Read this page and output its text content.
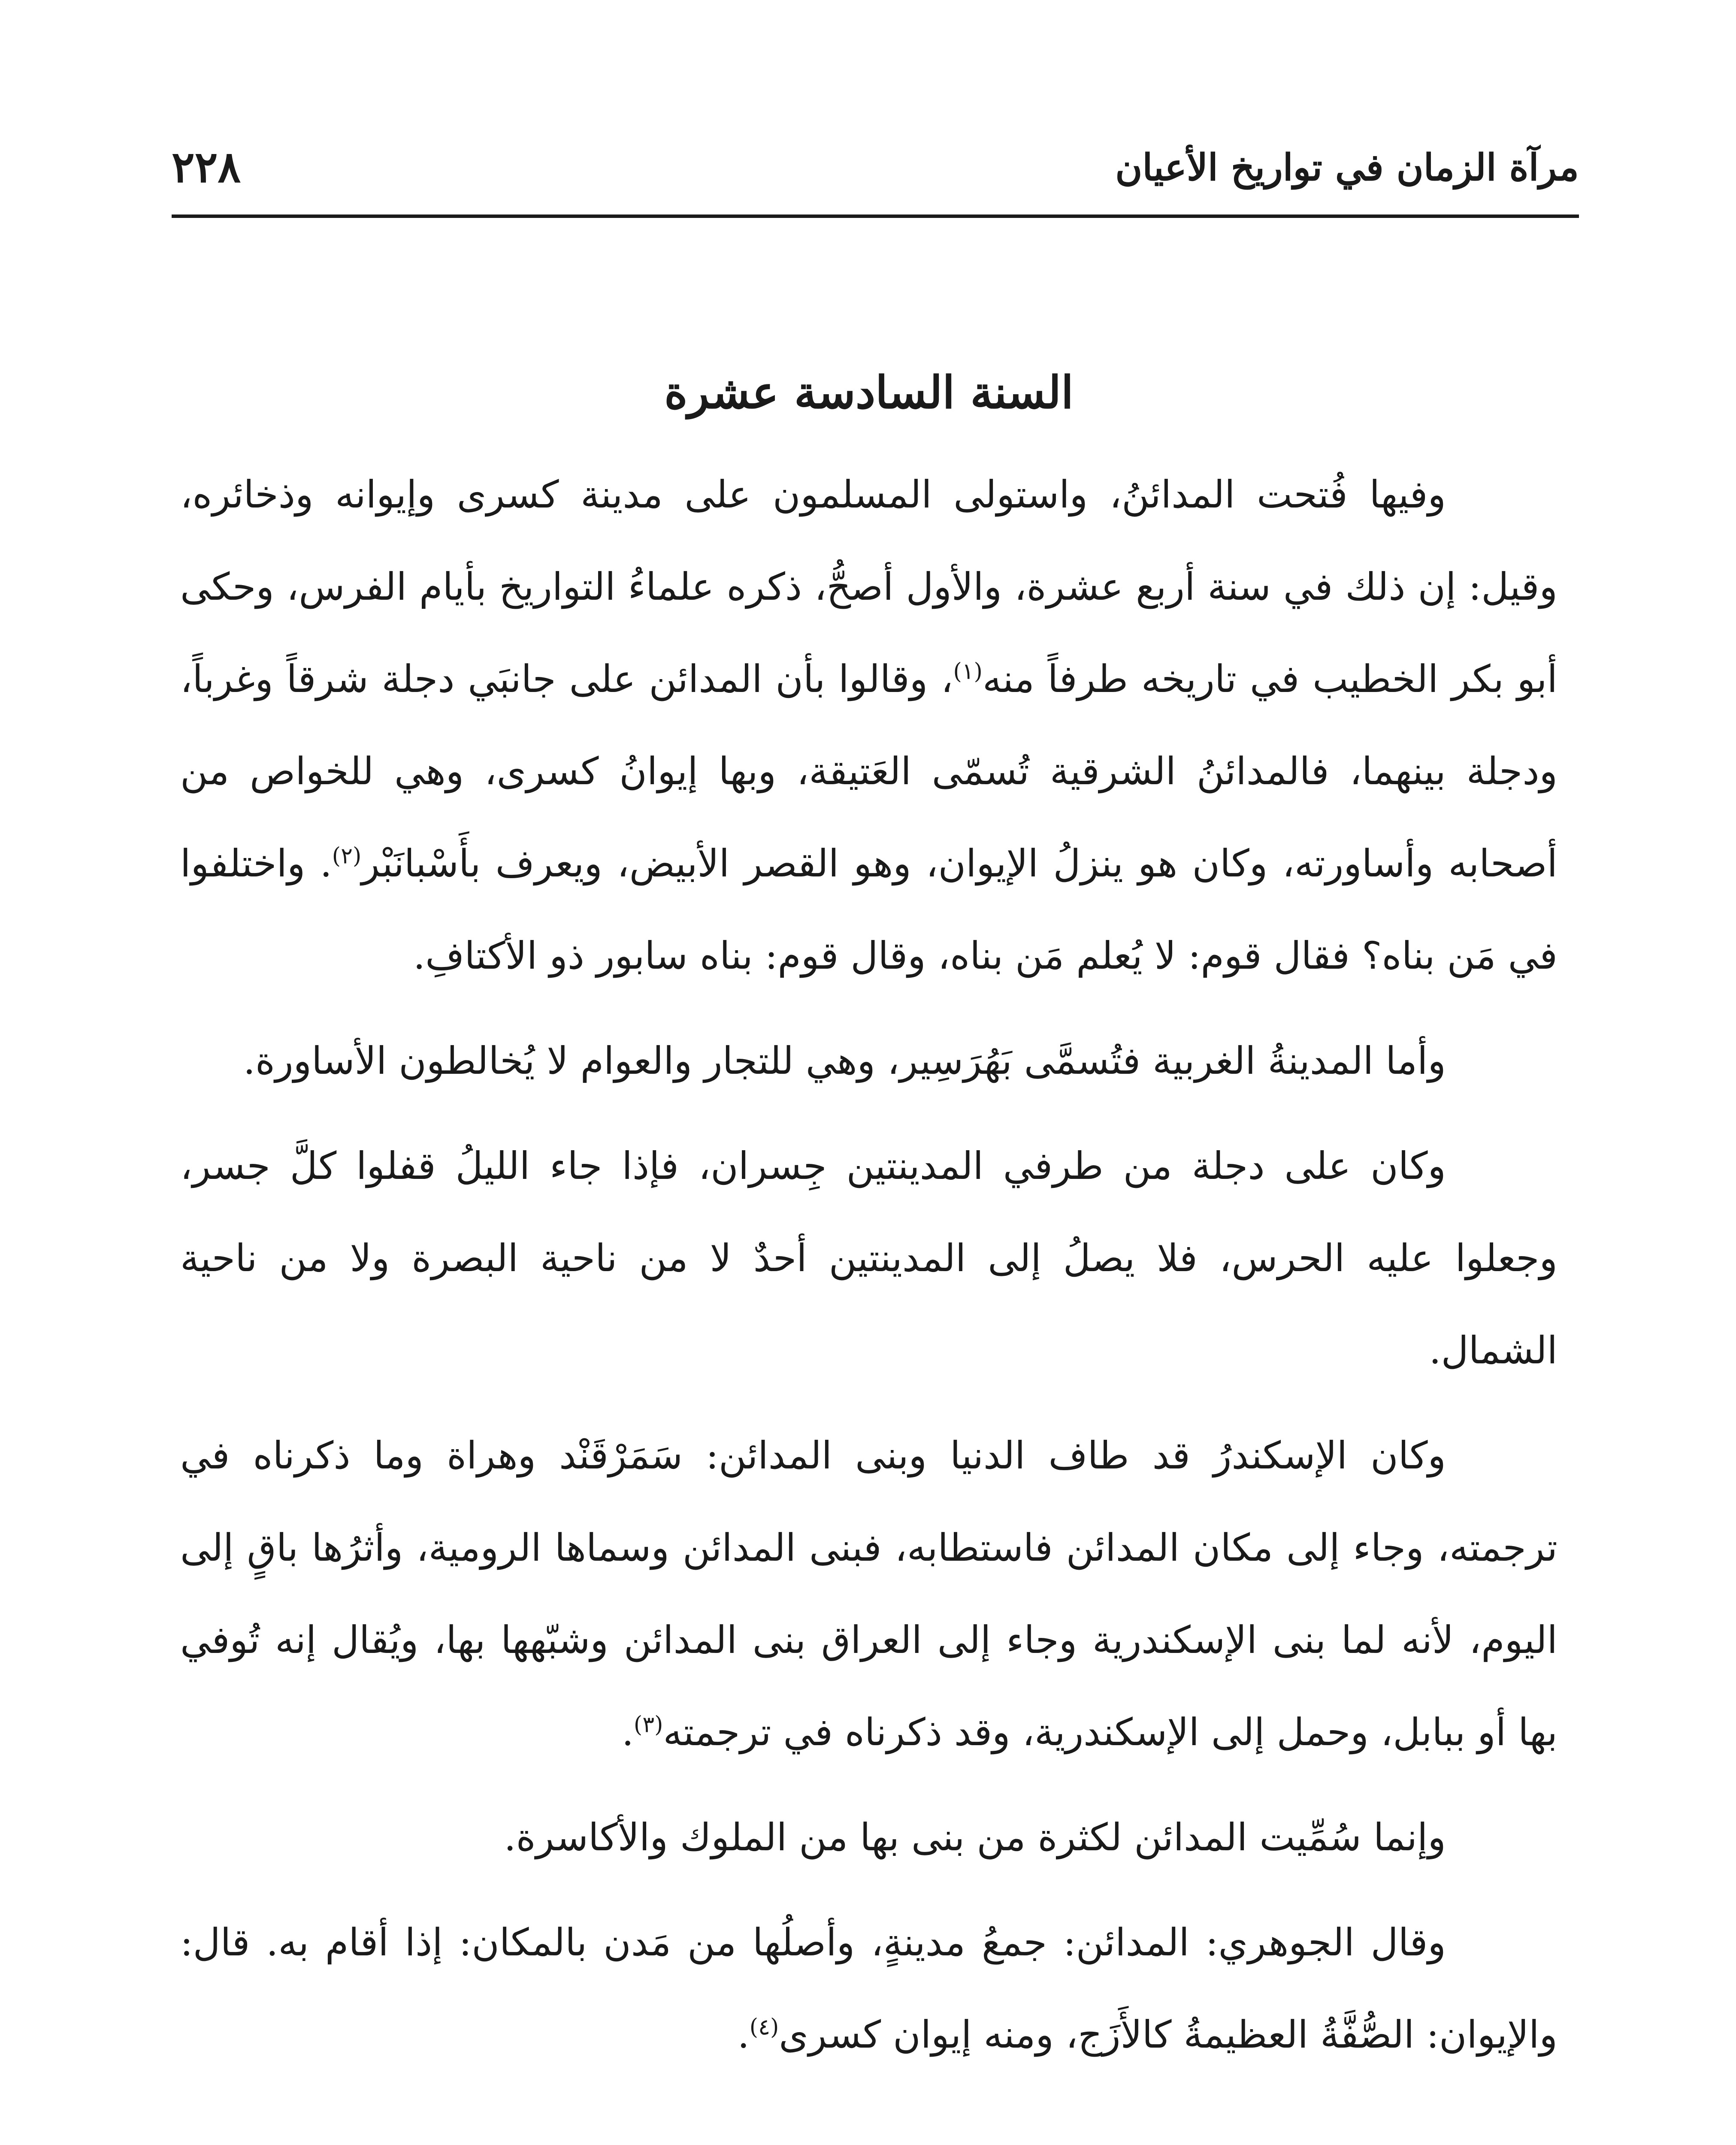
مرآة الزمان في تواريخ الأعيان
٢٢٨
السنة السادسة عشرة

وفيها فُتحت المدائنُ، واستولى المسلمون على مدينة كسرى وإيوانه وذخائره، وقيل: إن ذلك في سنة أربع عشرة، والأول أصحُّ، ذكره علماءُ التواريخ بأيام الفرس، وحكى أبو بكر الخطيب في تاريخه طرفاً منه$^{(١)}$، وقالوا بأن المدائن على جانبَي دجلة شرقاً وغرباً، ودجلة بينهما، فالمدائنُ الشرقية تُسمّى العَتيقة، وبها إيوانُ كسرى، وهي للخواص من أصحابه وأساورته، وكان هو ينزلُ الإيوان، وهو القصر الأبيض، ويعرف بأَسْبانَبْر$^{(٢)}$. واختلفوا في مَن بناه؟ فقال قوم: لا يُعلم مَن بناه، وقال قوم: بناه سابور ذو الأكتافِ.

وأما المدينةُ الغربية فتُسمَّى بَهُرَسِير، وهي للتجار والعوام لا يُخالطون الأساورة.

وكان على دجلة من طرفي المدينتين جِسران، فإذا جاء الليلُ قفلوا كلَّ جسر، وجعلوا عليه الحرس، فلا يصلُ إلى المدينتين أحدٌ لا من ناحية البصرة ولا من ناحية الشمال.

وكان الإسكندرُ قد طاف الدنيا وبنى المدائن: سَمَرْقَنْد وهراة وما ذكرناه في ترجمته، وجاء إلى مكان المدائن فاستطابه، فبنى المدائن وسماها الرومية، وأثرُها باقٍ إلى اليوم، لأنه لما بنى الإسكندرية وجاء إلى العراق بنى المدائن وشبّهها بها، ويُقال إنه تُوفي بها أو ببابل، وحمل إلى الإسكندرية، وقد ذكرناه في ترجمته$^{(٣)}$.

وإنما سُمِّيت المدائن لكثرة من بنى بها من الملوك والأكاسرة.

وقال الجوهري: المدائن: جمعُ مدينةٍ، وأصلُها من مَدن بالمكان: إذا أقام به. قال: والإيوان: الصُّفَّةُ العظيمةُ كالأَزَج، ومنه إيوان كسرى$^{(٤)}$.
